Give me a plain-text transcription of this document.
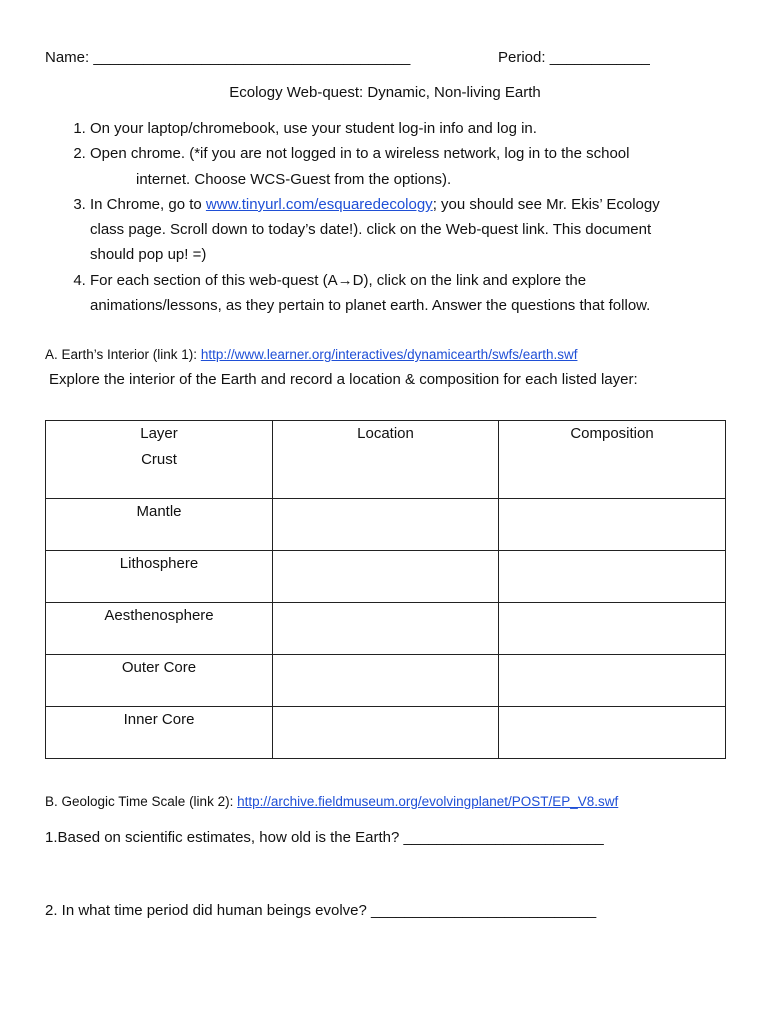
Name: ______________________________________	Period: ____________
Ecology Web-quest: Dynamic, Non-living Earth
1. On your laptop/chromebook, use your student log-in info and log in.
2. Open chrome. (*if you are not logged in to a wireless network, log in to the school
internet. Choose WCS-Guest from the options).
3. In Chrome, go to www.tinyurl.com/esquaredecology; you should see Mr. Ekis’ Ecology
class page. Scroll down to today’s date!). click on the Web-quest link. This document
should pop up! =)
4. For each section of this web-quest (A→D), click on the link and explore the
animations/lessons, as they pertain to planet earth. Answer the questions that follow.
A. Earth’s Interior (link 1): http://www.learner.org/interactives/dynamicearth/swfs/earth.swf
Explore the interior of the Earth and record a location & composition for each listed layer:
Layer	Location	Composition
Crust		
Mantle		
Lithosphere		
Aesthenosphere		
Outer Core		
Inner Core		
B. Geologic Time Scale (link 2): http://archive.fieldmuseum.org/evolvingplanet/POST/EP_V8.swf
1.Based on scientific estimates, how old is the Earth? ________________________
2. In what time period did human beings evolve? ___________________________
